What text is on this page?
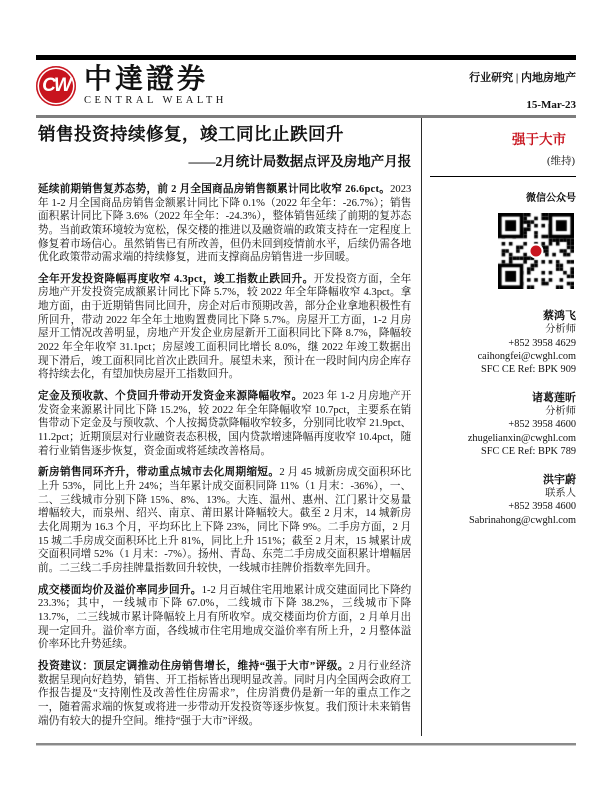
CW 中達證券
CENTRAL WEALTH
行业研究 | 内地房地产
15-Mar-23
销售投资持续修复，竣工同比止跌回升
——2月统计局数据点评及房地产月报

延续前期销售复苏态势，前 2 月全国商品房销售额累计同比收窄 26.6pct。2023 年 1-2 月全国商品房销售金额累计同比下降 0.1%（2022 年全年：-26.7%）；销售面积累计同比下降 3.6%（2022 年全年：-24.3%），整体销售延续了前期的复苏态势。当前政策环境较为宽松，保交楼的推进以及融资端的政策支持在一定程度上修复着市场信心。虽然销售已有所改善，但仍未回到疫情前水平，后续仍需各地优化政策带动需求端的持续修复，进而支撑商品房销售进一步回暖。

全年开发投资降幅再度收窄 4.3pct，竣工指数止跌回升。开发投资方面，全年房地产开发投资完成额累计同比下降 5.7%，较 2022 年全年降幅收窄 4.3pct。拿地方面，由于近期销售同比回升，房企对后市预期改善，部分企业拿地积极性有所回升，带动 2022 年全年土地购置费同比下降 5.7%。房屋开工方面，1-2 月房屋开工情况改善明显，房地产开发企业房屋新开工面积同比下降 8.7%，降幅较 2022 年全年收窄 31.1pct；房屋竣工面积同比增长 8.0%，继 2022 年竣工数据出现下滑后，竣工面积同比首次止跌回升。展望未来，预计在一段时间内房企库存将持续去化，有望加快房屋开工指数回升。

定金及预收款、个贷回升带动开发资金来源降幅收窄。2023 年 1-2 月房地产开发资金来源累计同比下降 15.2%，较 2022 年全年降幅收窄 10.7pct，主要系在销售带动下定金及与预收款、个人按揭贷款降幅收窄较多，分别同比收窄 21.9pct、11.2pct；近期顶层对行业融资表态积极，国内贷款增速降幅再度收窄 10.4pct，随着行业销售逐步恢复，资金面或将延续改善格局。

新房销售同环齐升，带动重点城市去化周期缩短。2 月 45 城新房成交面积环比上升 53%，同比上升 24%；当年累计成交面积同降 11%（1 月末：-36%），一、二、三线城市分别下降 15%、8%、13%。大连、温州、惠州、江门累计交易量增幅较大，而泉州、绍兴、南京、莆田累计降幅较大。截至 2 月末，14 城新房去化周期为 16.3 个月，平均环比上下降 23%，同比下降 9%。二手房方面，2 月 15 城二手房成交面积环比上升 81%，同比上升 151%；截至 2 月末，15 城累计成交面积同增 52%（1 月末：-7%）。扬州、青岛、东莞二手房成交面积累计增幅居前。二三线二手房挂牌量指数回升较快，一线城市挂牌价指数率先回升。

成交楼面均价及溢价率同步回升。1-2 月百城住宅用地累计成交建面同比下降约 23.3%；其中，一线城市下降 67.0%，二线城市下降 38.2%，三线城市下降 13.7%，二三线城市累计降幅较上月有所收窄。成交楼面均价方面，2 月单月出现一定回升。溢价率方面，各线城市住宅用地成交溢价率有所上升，2 月整体溢价率环比升势延续。

投资建议：顶层定调推动住房销售增长，维持“强于大市”评级。2 月行业经济数据呈现向好趋势，销售、开工指标皆出现明显改善。同时月内全国两会政府工作报告提及“支持刚性及改善性住房需求”，住房消费仍是新一年的重点工作之一，随着需求端的恢复或将进一步带动开发投资等逐步恢复。我们预计未来销售端仍有较大的提升空间。维持“强于大市”评级。

强于大市
(维持)
微信公众号
蔡鸿飞
分析师
+852 3958 4629
caihongfei@cwghl.com
SFC CE Ref: BPK 909
诸葛莲昕
分析师
+852 3958 4600
zhugelianxin@cwghl.com
SFC CE Ref: BPK 789
洪宇蔚
联系人
+852 3958 4600
Sabrinahong@cwghl.com
